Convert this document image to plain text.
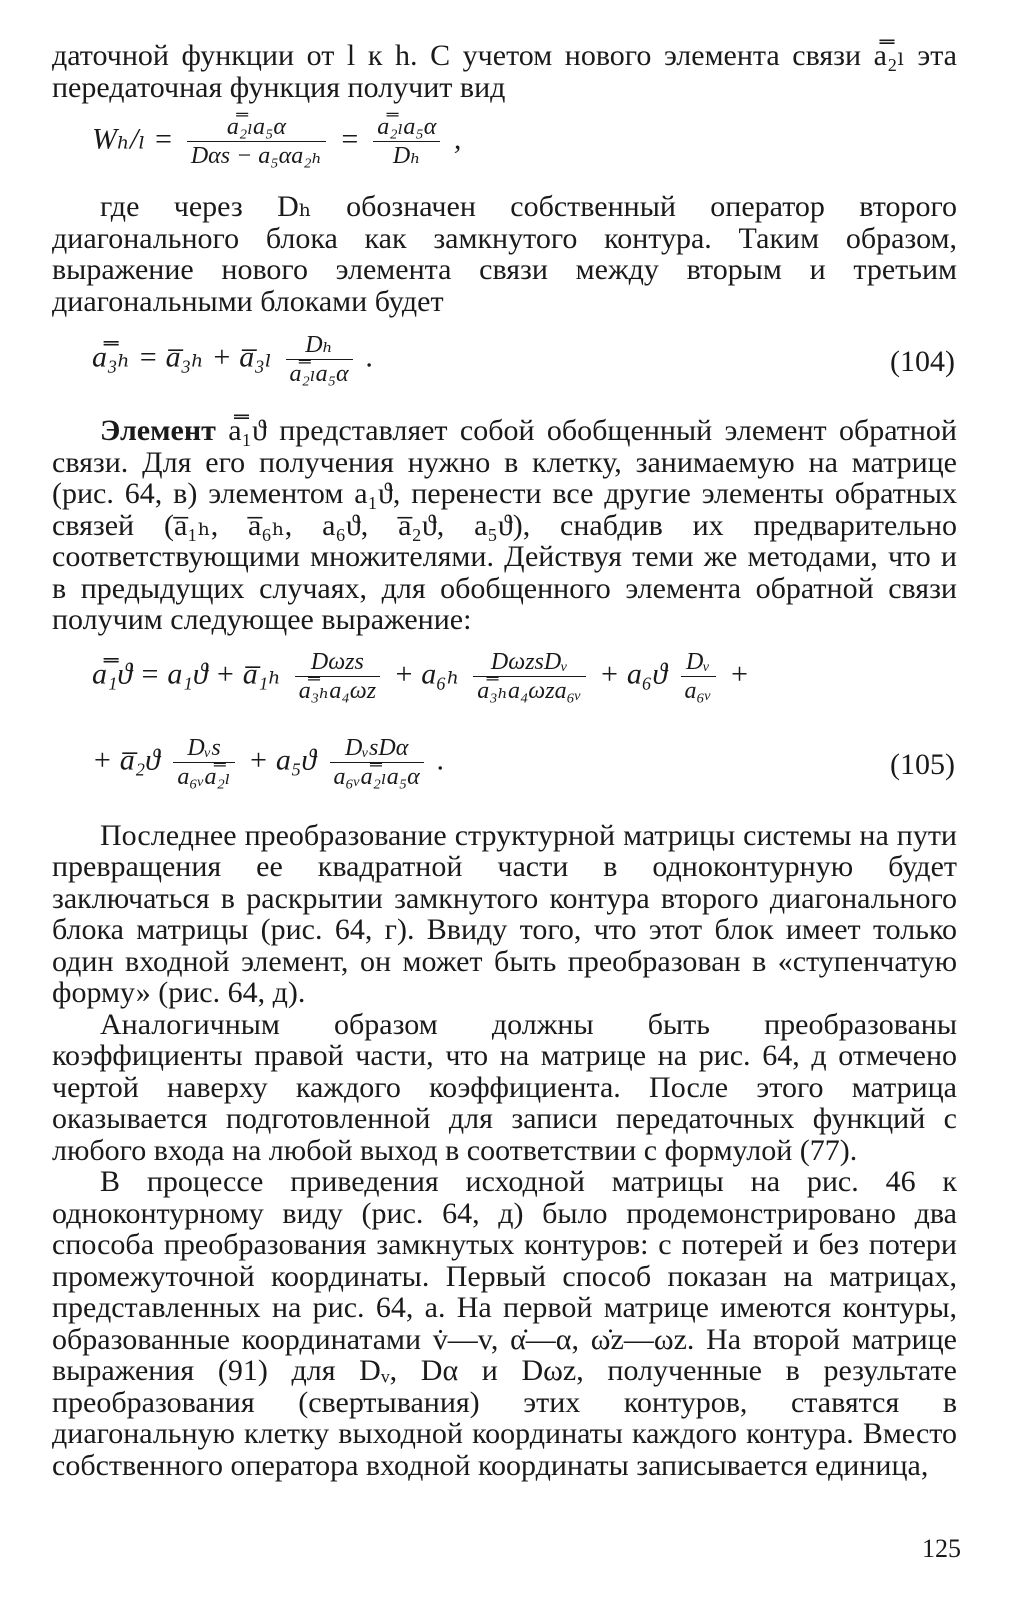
даточной функции от l к h. С учетом нового элемента связи a̿₂ₗ эта передаточная функция получит вид

$W_h/_l = \frac{\text{a̿₂ₗa₅α}}{\text{Dαs − a₅αa₂ₕ}} = \frac{\text{a̿₂ₗa₅α}}{\text{Dₕ}}$ ,

где через Dₕ обозначен собственный оператор второго диагонального блока как замкнутого контура. Таким образом, выражение нового элемента связи между вторым и третьим диагональными блоками будет

a̿₃ₕ = a̅₃ₕ + a̅₃ₗ $\frac{\text{Dₕ}}{\text{a̿₂ₗa₅α}}$ .	(104)

Элемент a̿₁ϑ представляет собой обобщенный элемент обратной связи. Для его получения нужно в клетку, занимаемую на матрице (рис. 64, в) элементом a₁ϑ, перенести все другие элементы обратных связей (a̅₁ₕ, a̅₆ₕ, a₆ϑ, a̅₂ϑ, a₅ϑ), снабдив их предварительно соответствующими множителями. Действуя теми же методами, что и в предыдущих случаях, для обобщенного элемента обратной связи получим следующее выражение:

a̿₁ϑ = a₁ϑ + a̅₁ₕ $\frac{\text{Dωzs}}{\text{a̿₃ₕa₄ωz}} + a_{6h} \frac{\text{DωzsDᵥ}}{\text{a̿₃ₕa₄ωza₆ᵥ}} + a_6ϑ \frac{\text{Dᵥ}}{\text{a₆ᵥ}}$ +
+ a̅₂ϑ $\frac{\text{Dᵥs}}{\text{a₆ᵥa̿₂ₗ}} + a_5ϑ \frac{\text{DᵥsDα}}{\text{a₆ᵥa̿₂ₗa₅α}}$ .	(105)

Последнее преобразование структурной матрицы системы на пути превращения ее квадратной части в одноконтурную будет заключаться в раскрытии замкнутого контура второго диагонального блока матрицы (рис. 64, г). Ввиду того, что этот блок имеет только один входной элемент, он может быть преобразован в «ступенчатую форму» (рис. 64, д).

Аналогичным образом должны быть преобразованы коэффициенты правой части, что на матрице на рис. 64, д отмечено чертой наверху каждого коэффициента. После этого матрица оказывается подготовленной для записи передаточных функций с любого входа на любой выход в соответствии с формулой (77).

В процессе приведения исходной матрицы на рис. 46 к одноконтурному виду (рис. 64, д) было продемонстрировано два способа преобразования замкнутых контуров: с потерей и без потери промежуточной координаты. Первый способ показан на матрицах, представленных на рис. 64, а. На первой матрице имеются контуры, образованные координатами v̇—v, α̇—α, ω̇z—ωz. На второй матрице выражения (91) для Dᵥ, Dα и Dωz, полученные в результате преобразования (свертывания) этих контуров, ставятся в диагональную клетку выходной координаты каждого контура. Вместо собственного оператора входной координаты записывается единица,

125
